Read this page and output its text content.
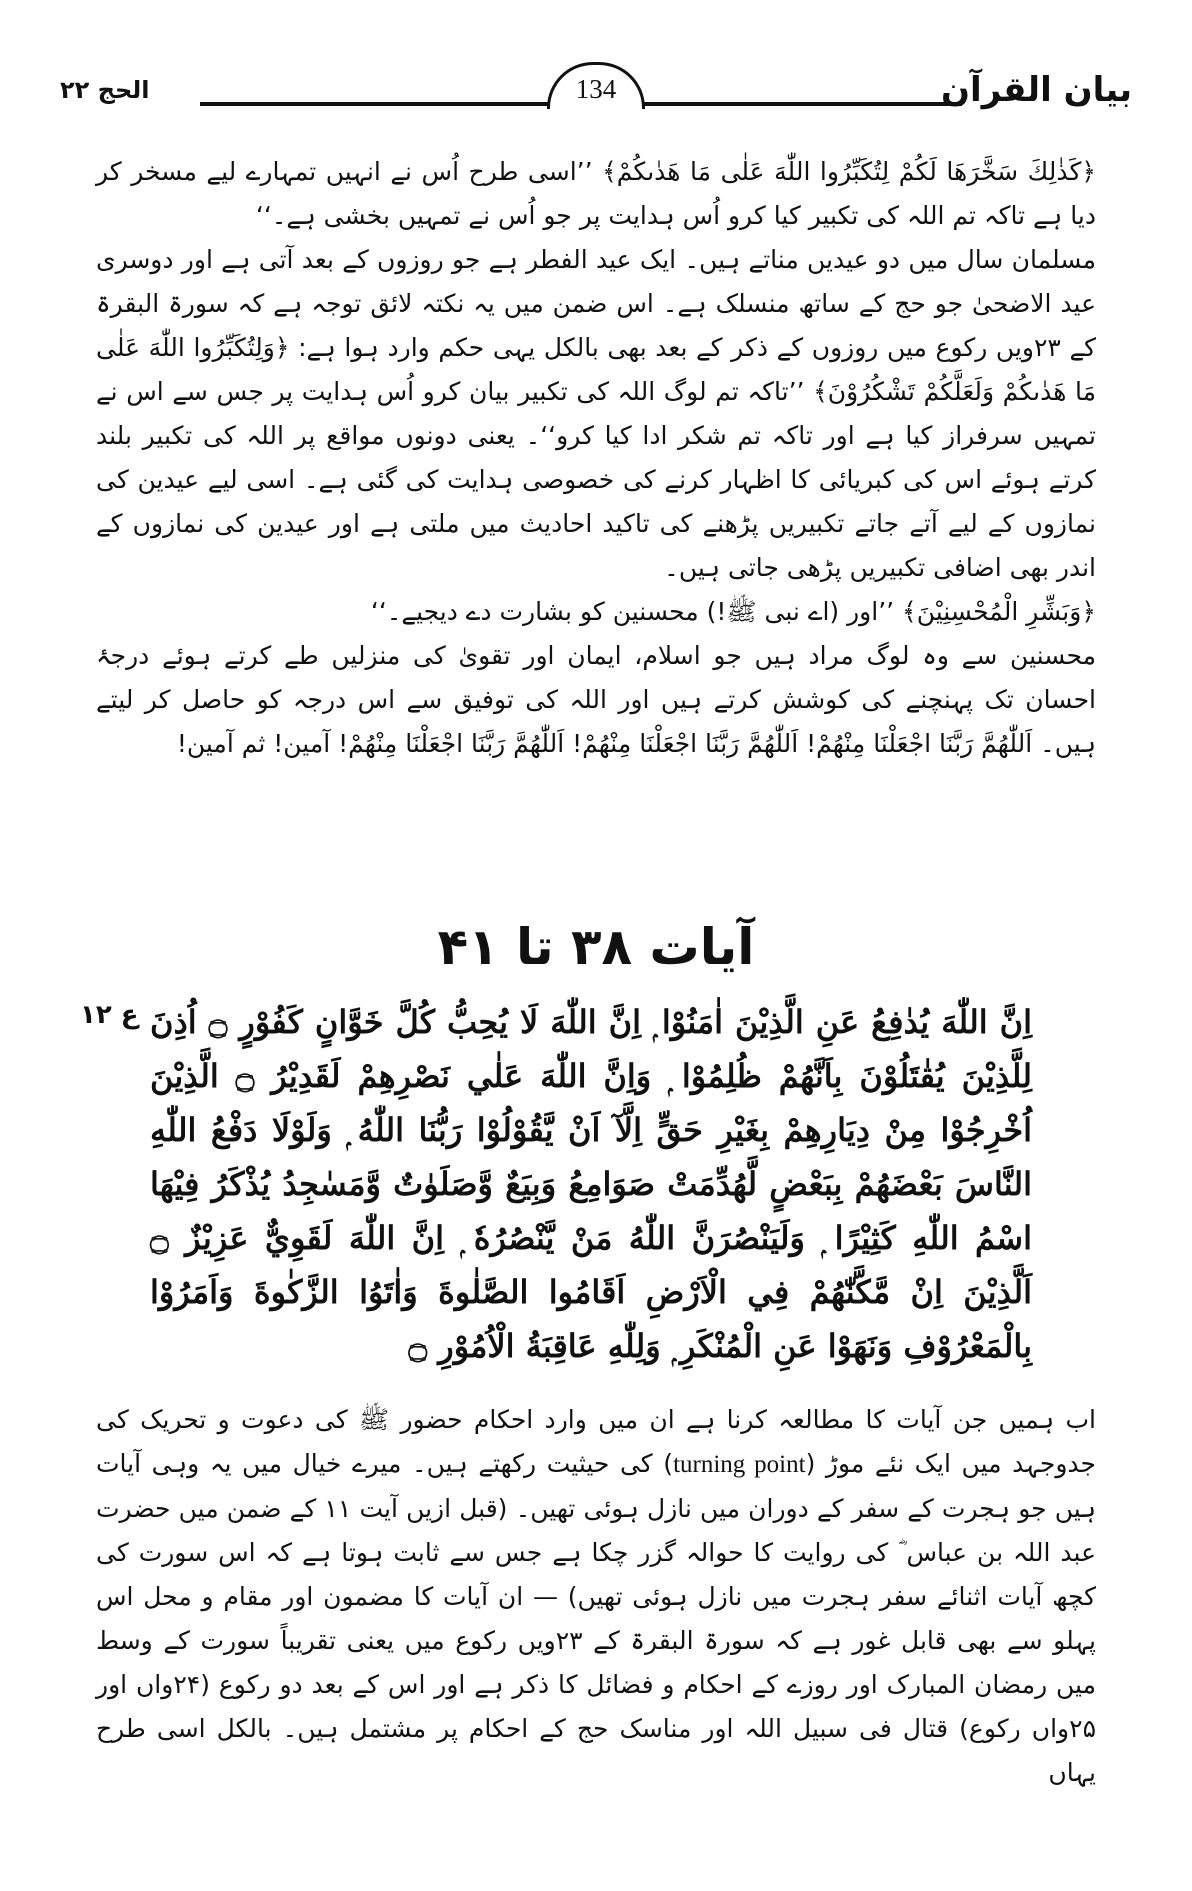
بیان القرآن
134
الحج ۲۲

﴿كَذٰلِكَ سَخَّرَهَا لَكُمْ لِتُكَبِّرُوا اللّٰهَ عَلٰى مَا هَدٰىكُمْ﴾ ’’اسی طرح اُس نے انہیں تمہارے لیے مسخر کر دیا ہے تاکہ تم اللہ کی تکبیر کیا کرو اُس ہدایت پر جو اُس نے تمہیں بخشی ہے۔‘‘

مسلمان سال میں دو عیدیں مناتے ہیں۔ ایک عید الفطر ہے جو روزوں کے بعد آتی ہے اور دوسری عید الاضحیٰ جو حج کے ساتھ منسلک ہے۔ اس ضمن میں یہ نکتہ لائق توجہ ہے کہ سورۃ البقرۃ کے ۲۳ویں رکوع میں روزوں کے ذکر کے بعد بھی بالکل یہی حکم وارد ہوا ہے: ﴿وَلِتُكَبِّرُوا اللّٰهَ عَلٰى مَا هَدٰىكُمْ وَلَعَلَّكُمْ تَشْكُرُوْنَ﴾ ’’تاکہ تم لوگ اللہ کی تکبیر بیان کرو اُس ہدایت پر جس سے اس نے تمہیں سرفراز کیا ہے اور تاکہ تم شکر ادا کیا کرو‘‘۔ یعنی دونوں مواقع پر اللہ کی تکبیر بلند کرتے ہوئے اس کی کبریائی کا اظہار کرنے کی خصوصی ہدایت کی گئی ہے۔ اسی لیے عیدین کی نمازوں کے لیے آتے جاتے تکبیریں پڑھنے کی تاکید احادیث میں ملتی ہے اور عیدین کی نمازوں کے اندر بھی اضافی تکبیریں پڑھی جاتی ہیں۔

﴿وَبَشِّرِ الْمُحْسِنِيْنَ﴾ ’’اور (اے نبی ﷺ!) محسنین کو بشارت دے دیجیے۔‘‘

محسنین سے وہ لوگ مراد ہیں جو اسلام، ایمان اور تقویٰ کی منزلیں طے کرتے ہوئے درجۂ احسان تک پہنچنے کی کوشش کرتے ہیں اور اللہ کی توفیق سے اس درجہ کو حاصل کر لیتے ہیں۔ اَللّٰهُمَّ رَبَّنَا اجْعَلْنَا مِنْهُمْ! اَللّٰهُمَّ رَبَّنَا اجْعَلْنَا مِنْهُمْ! اَللّٰهُمَّ رَبَّنَا اجْعَلْنَا مِنْهُمْ! آمین! ثم آمین!

آیات ۳۸ تا ۴۱
ع ۱۲ اِنَّ اللّٰهَ يُدٰفِعُ عَنِ الَّذِيْنَ اٰمَنُوْا ۭ اِنَّ اللّٰهَ لَا يُحِبُّ كُلَّ خَوَّانٍ كَفُوْرٍ ۝ اُذِنَ لِلَّذِيْنَ يُقٰتَلُوْنَ بِاَنَّهُمْ ظُلِمُوْا ۭ وَاِنَّ اللّٰهَ عَلٰي نَصْرِهِمْ لَقَدِيْرُ ۝ الَّذِيْنَ اُخْرِجُوْا مِنْ دِيَارِهِمْ بِغَيْرِ حَقٍّ اِلَّآ اَنْ يَّقُوْلُوْا رَبُّنَا اللّٰهُ ۭ وَلَوْلَا دَفْعُ اللّٰهِ النَّاسَ بَعْضَهُمْ بِبَعْضٍ لَّهُدِّمَتْ صَوَامِعُ وَبِيَعٌ وَّصَلَوٰتٌ وَّمَسٰجِدُ يُذْكَرُ فِيْهَا اسْمُ اللّٰهِ كَثِيْرًا ۭ وَلَيَنْصُرَنَّ اللّٰهُ مَنْ يَّنْصُرُهٗ ۭ اِنَّ اللّٰهَ لَقَوِيٌّ عَزِيْزٌ ۝ اَلَّذِيْنَ اِنْ مَّكَّنّٰهُمْ فِي الْاَرْضِ اَقَامُوا الصَّلٰوةَ وَاٰتَوُا الزَّكٰوةَ وَاَمَرُوْا بِالْمَعْرُوْفِ وَنَهَوْا عَنِ الْمُنْكَرِ ۭ وَلِلّٰهِ عَاقِبَةُ الْاُمُوْرِ ۝

اب ہمیں جن آیات کا مطالعہ کرنا ہے ان میں وارد احکام حضور ﷺ کی دعوت و تحریک کی جدوجہد میں ایک نئے موڑ (turning point) کی حیثیت رکھتے ہیں۔ میرے خیال میں یہ وہی آیات ہیں جو ہجرت کے سفر کے دوران میں نازل ہوئی تھیں۔ (قبل ازیں آیت ۱۱ کے ضمن میں حضرت عبد اللہ بن عباس ؓ کی روایت کا حوالہ گزر چکا ہے جس سے ثابت ہوتا ہے کہ اس سورت کی کچھ آیات اثنائے سفر ہجرت میں نازل ہوئی تھیں) — ان آیات کا مضمون اور مقام و محل اس پہلو سے بھی قابل غور ہے کہ سورۃ البقرۃ کے ۲۳ویں رکوع میں یعنی تقریباً سورت کے وسط میں رمضان المبارک اور روزے کے احکام و فضائل کا ذکر ہے اور اس کے بعد دو رکوع (۲۴واں اور ۲۵واں رکوع) قتال فی سبیل اللہ اور مناسک حج کے احکام پر مشتمل ہیں۔ بالکل اسی طرح یہاں
